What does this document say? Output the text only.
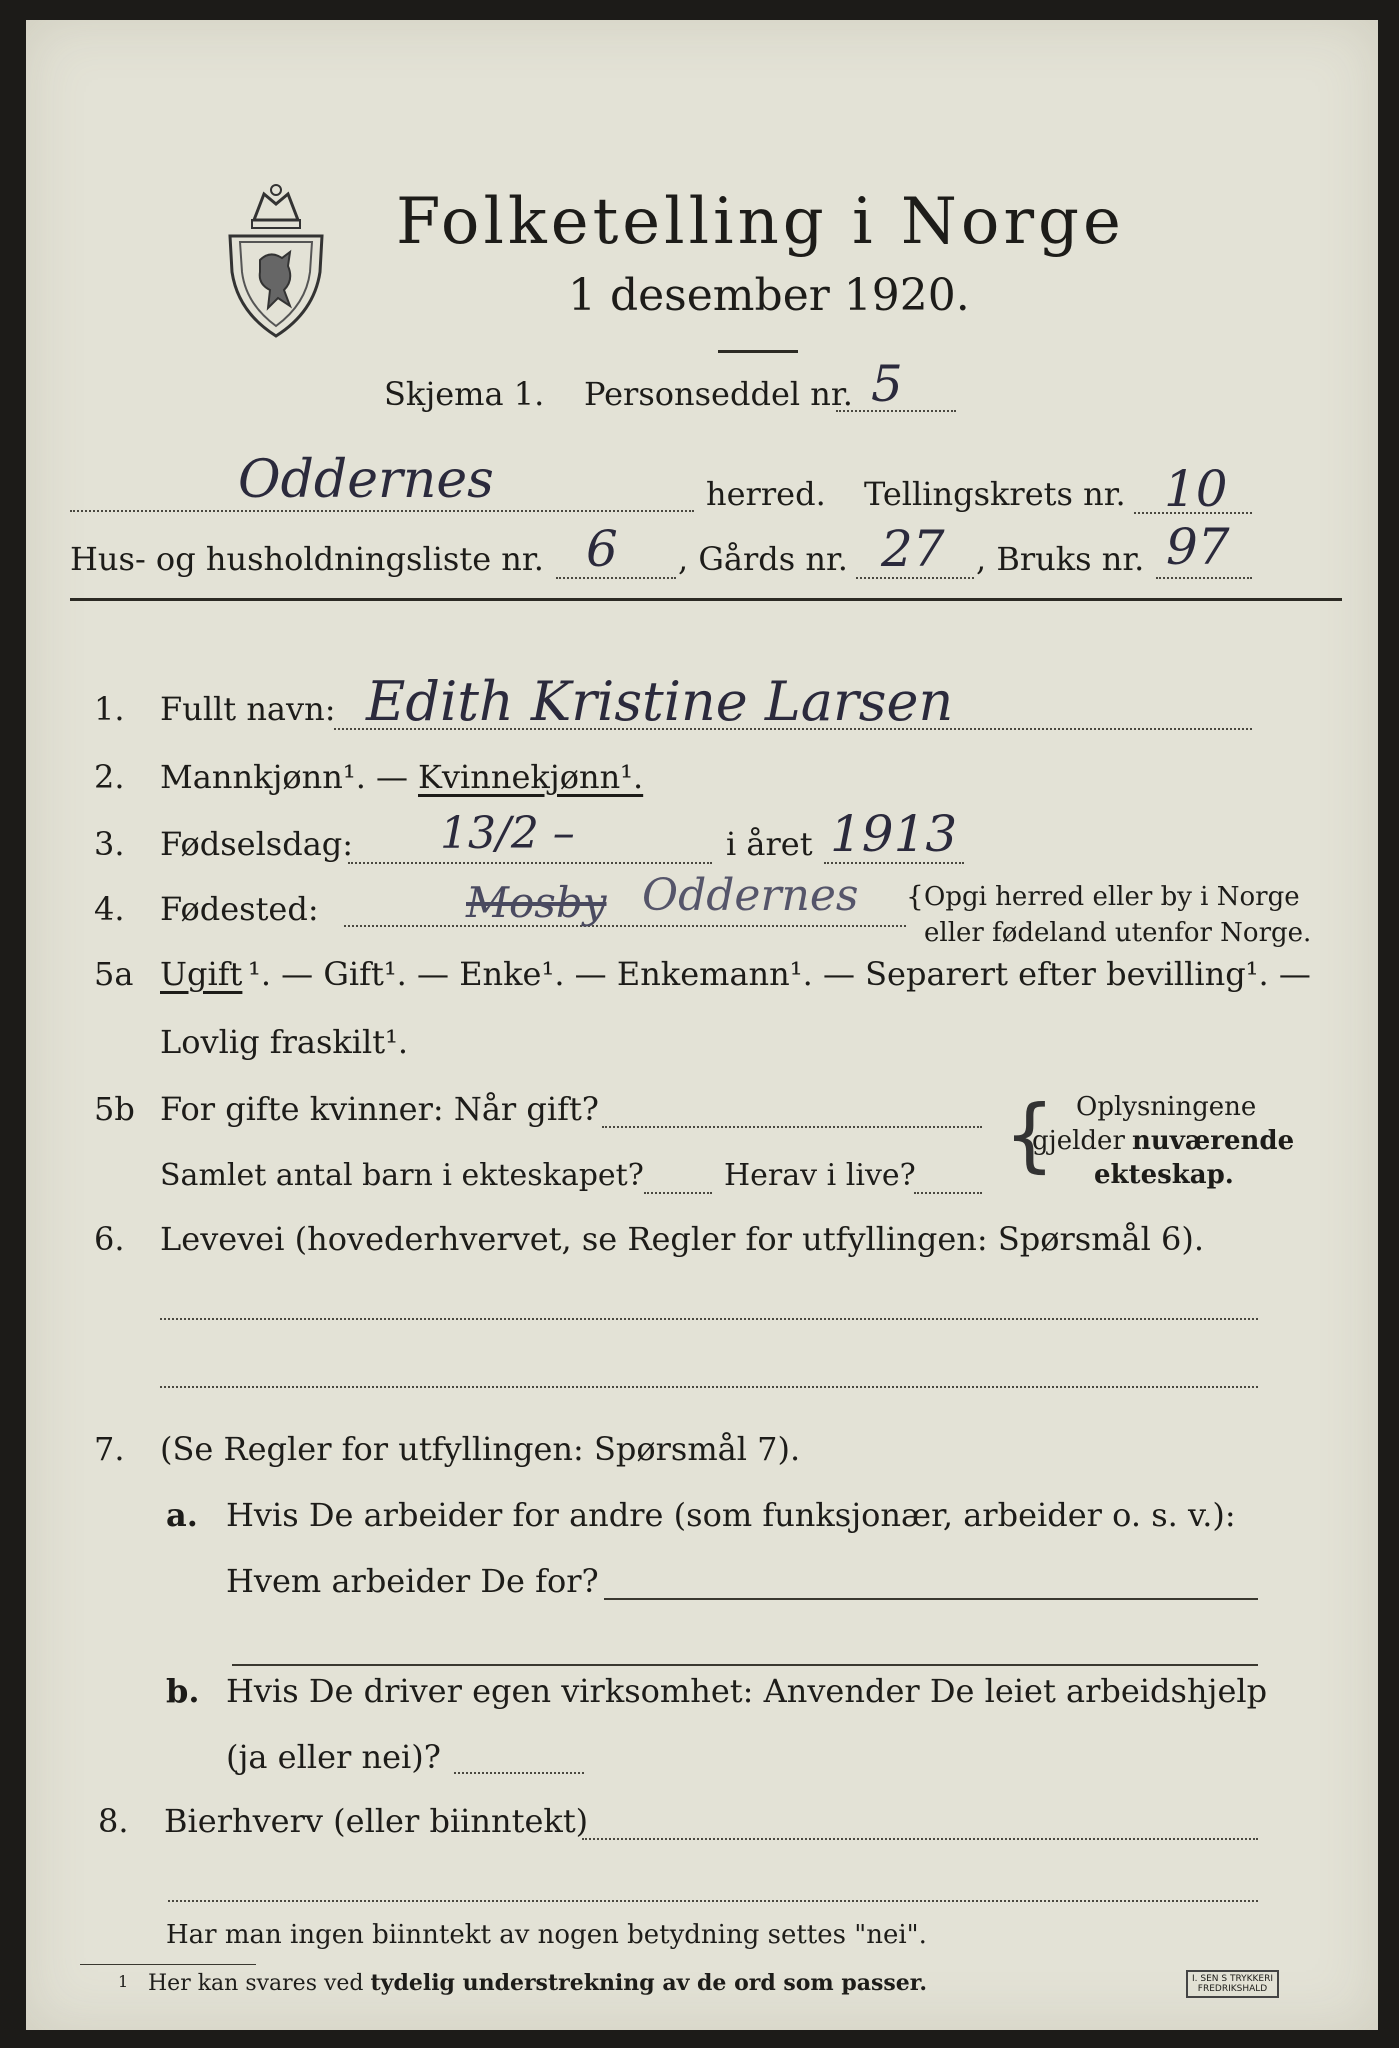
Folketelling i Norge
1 desember 1920.
Skjema 1. Personseddel nr. 5
Oddernes	herred. Tellingskrets nr. 10
Hus- og husholdningsliste nr. 6 , Gårds nr. 27 , Bruks nr. 97
1. Fullt navn: Edith Kristine Larsen
2. Mannkjønn¹. — Kvinnekjønn¹.
3. Fødselsdag: 13/2 –	i året 1913
4. Fødested:	Mosby Oddernes { Opgi herred eller by i Norge
eller fødeland utenfor Norge.
5a Ugift ¹. — Gift¹. — Enke¹. — Enkemann¹. — Separert efter bevilling¹. —
Lovlig fraskilt¹.
5b For gifte kvinner: Når gift?
Samlet antal barn i ekteskapet?	Herav i live? { Oplysningene
gjelder nuværende
ekteskap.
6. Levevei (hovederhvervet, se Regler for utfyllingen: Spørsmål 6).
7. (Se Regler for utfyllingen: Spørsmål 7).
a. Hvis De arbeider for andre (som funksjonær, arbeider o. s. v.):
Hvem arbeider De for?
b. Hvis De driver egen virksomhet: Anvender De leiet arbeidshjelp
(ja eller nei)?
8. Bierhverv (eller biinntekt)
Har man ingen biinntekt av nogen betydning settes "nei".
1 Her kan svares ved tydelig understrekning av de ord som passer.	I. SEN S TRYKKERI
FREDRIKSHALD
